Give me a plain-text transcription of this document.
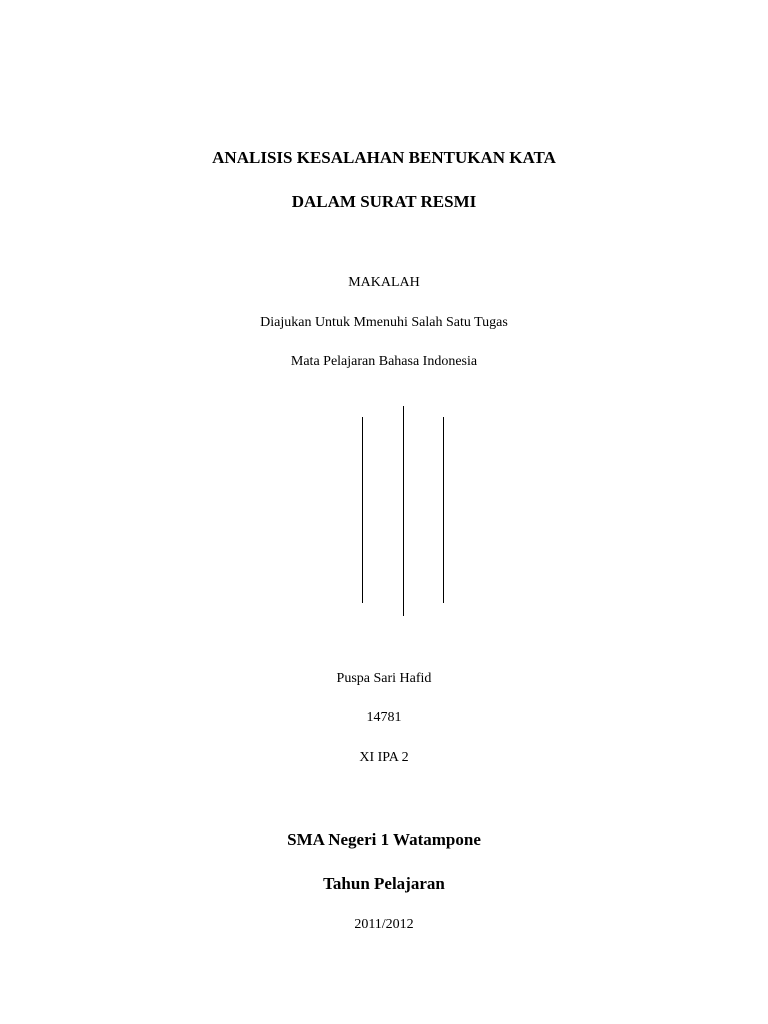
ANALISIS KESALAHAN BENTUKAN KATA
DALAM SURAT RESMI
MAKALAH
Diajukan Untuk Mmenuhi Salah Satu Tugas
Mata Pelajaran Bahasa Indonesia
Puspa Sari Hafid
14781
XI IPA 2
SMA Negeri 1 Watampone
Tahun Pelajaran
2011/2012
